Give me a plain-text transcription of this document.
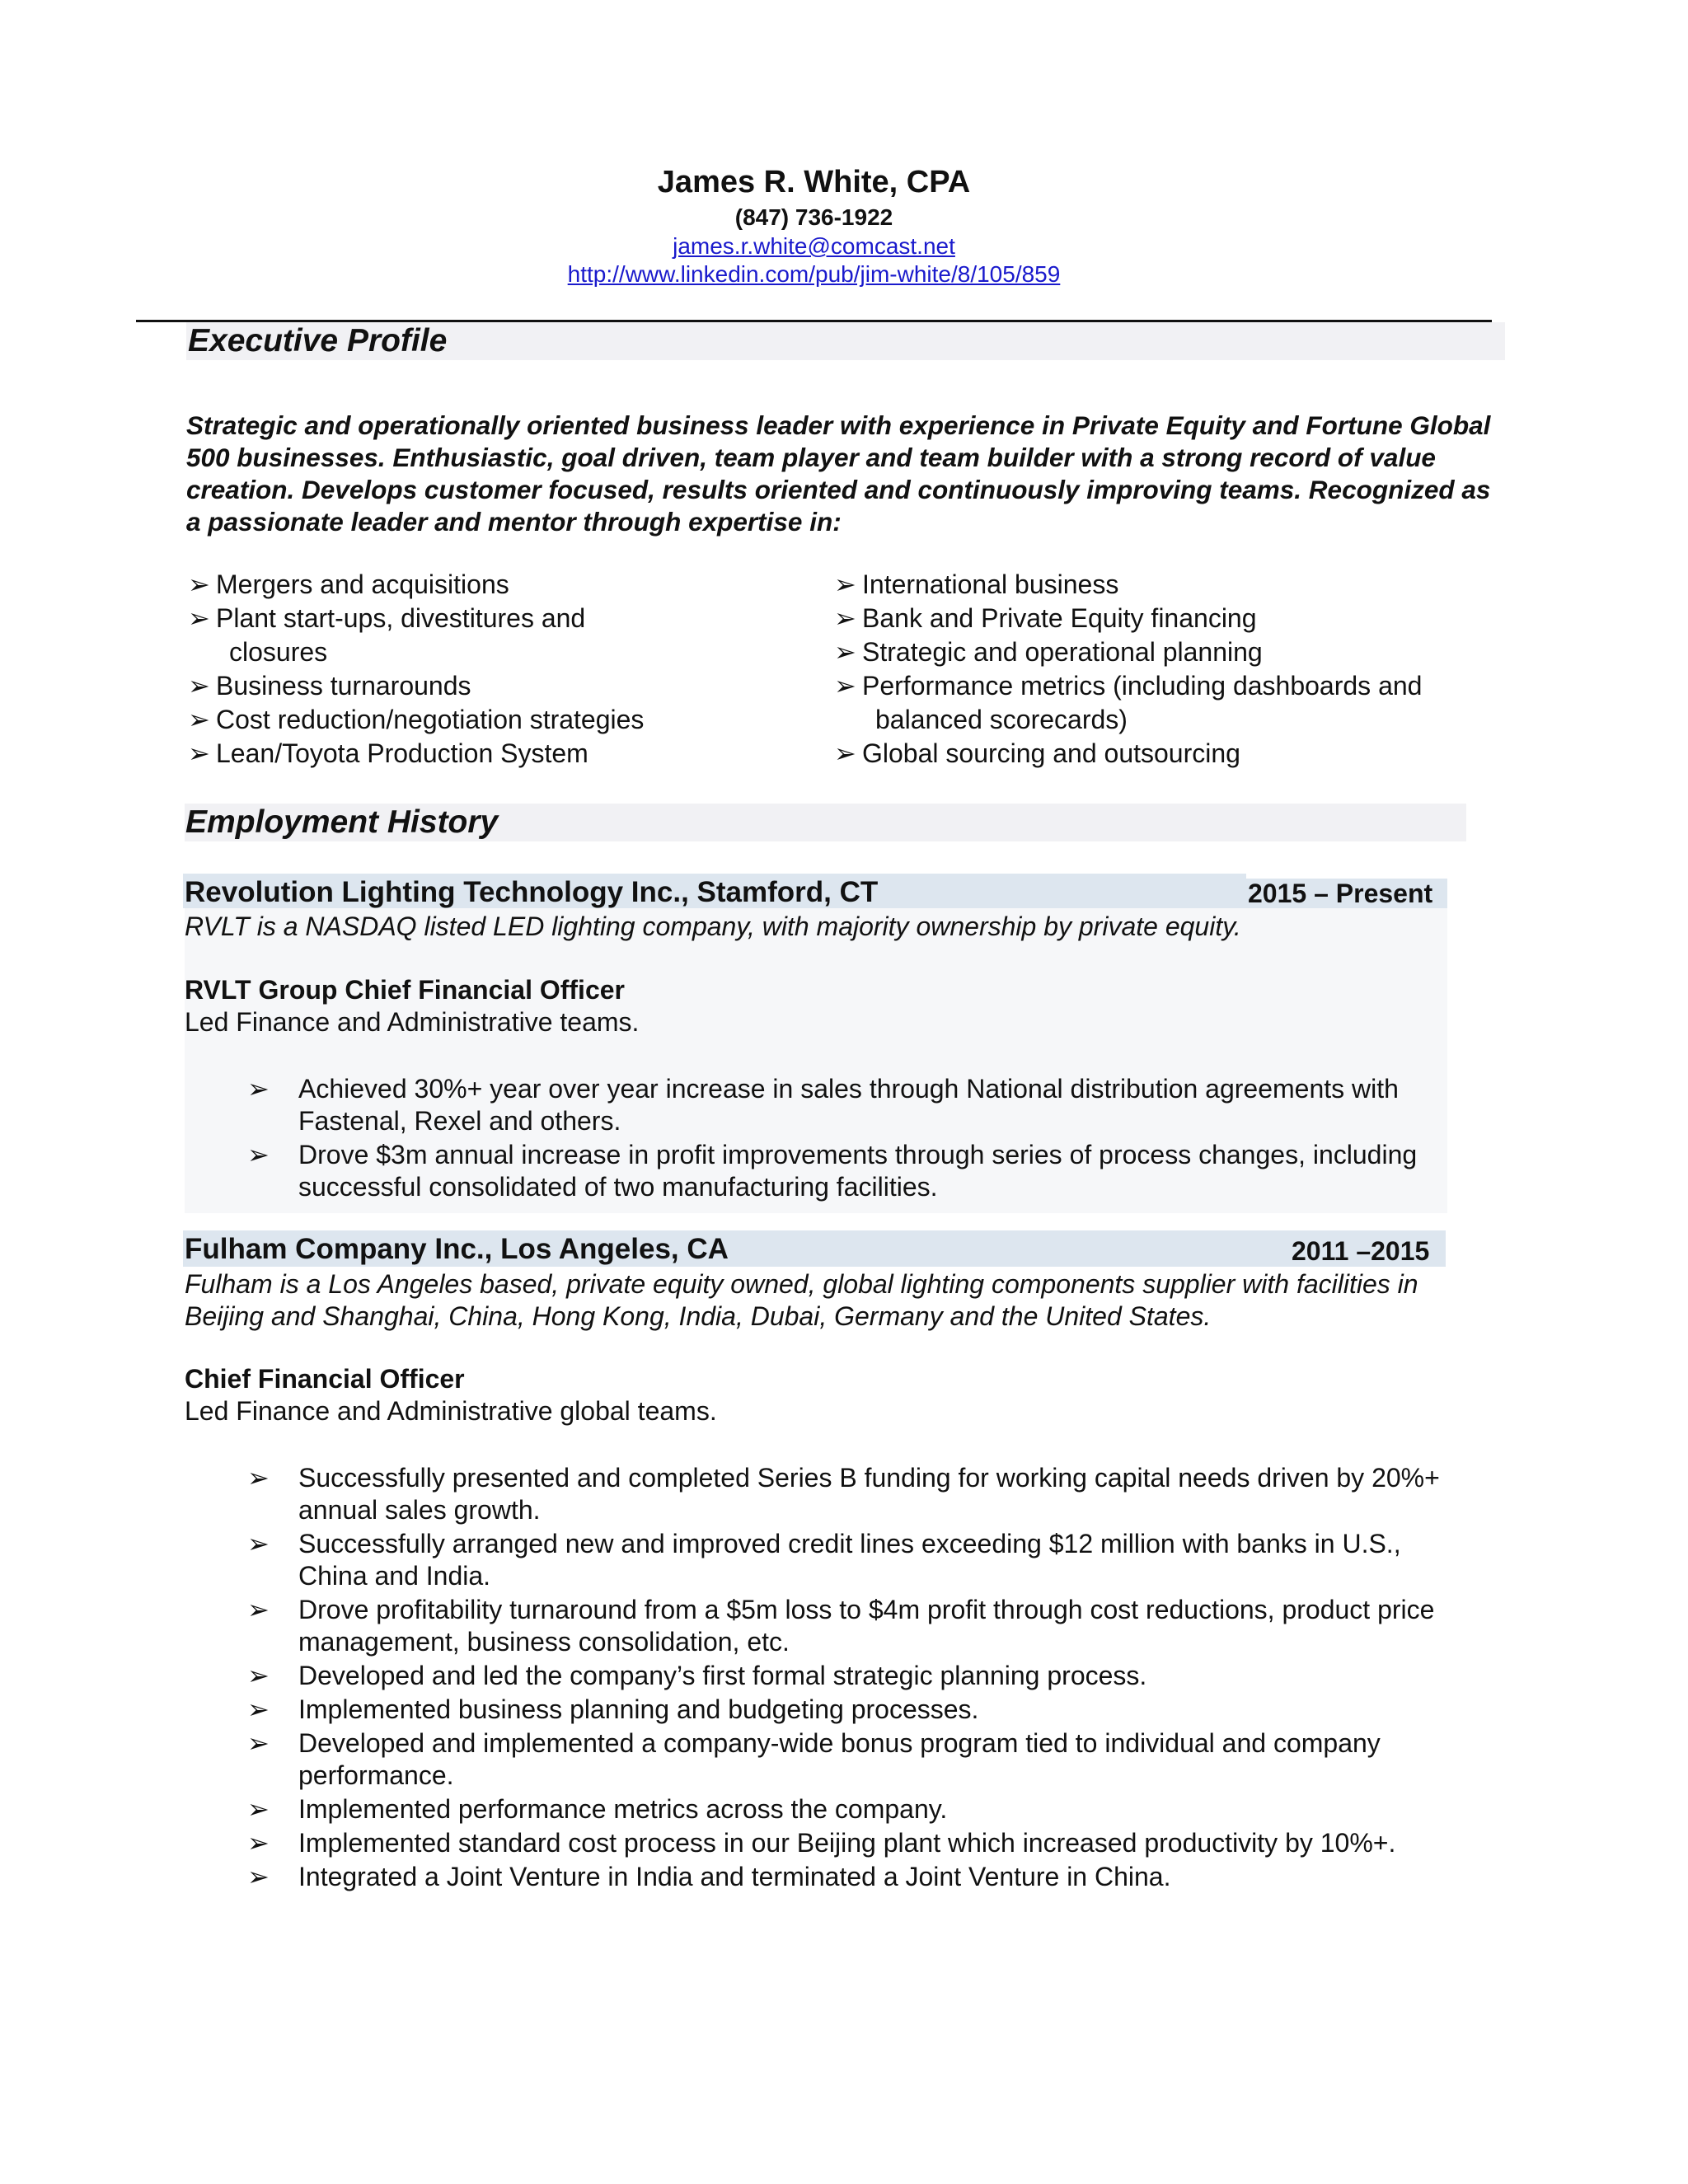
James R. White, CPA
(847) 736-1922
james.r.white@comcast.net
http://www.linkedin.com/pub/jim-white/8/105/859
Executive Profile
Strategic and operationally oriented business leader with experience in Private Equity and Fortune Global 500 businesses. Enthusiastic, goal driven, team player and team builder with a strong record of value creation. Develops customer focused, results oriented and continuously improving teams. Recognized as a passionate leader and mentor through expertise in:
➢ Mergers and acquisitions
➢ Plant start-ups, divestitures and
closures
➢ Business turnarounds
➢ Cost reduction/negotiation strategies
➢ Lean/Toyota Production System
➢ International business
➢ Bank and Private Equity financing
➢ Strategic and operational planning
➢ Performance metrics (including dashboards and
balanced scorecards)
➢ Global sourcing and outsourcing
Employment History
Revolution Lighting Technology Inc., Stamford, CT	2015 – Present
RVLT is a NASDAQ listed LED lighting company, with majority ownership by private equity.
RVLT Group Chief Financial Officer
Led Finance and Administrative teams.
➢ Achieved 30%+ year over year increase in sales through National distribution agreements with Fastenal, Rexel and others.
➢ Drove $3m annual increase in profit improvements through series of process changes, including successful consolidated of two manufacturing facilities.
Fulham Company Inc., Los Angeles, CA	2011 –2015
Fulham is a Los Angeles based, private equity owned, global lighting components supplier with facilities in Beijing and Shanghai, China, Hong Kong, India, Dubai, Germany and the United States.
Chief Financial Officer
Led Finance and Administrative global teams.
➢ Successfully presented and completed Series B funding for working capital needs driven by 20%+ annual sales growth.
➢ Successfully arranged new and improved credit lines exceeding $12 million with banks in U.S., China and India.
➢ Drove profitability turnaround from a $5m loss to $4m profit through cost reductions, product price management, business consolidation, etc.
➢ Developed and led the company’s first formal strategic planning process.
➢ Implemented business planning and budgeting processes.
➢ Developed and implemented a company-wide bonus program tied to individual and company performance.
➢ Implemented performance metrics across the company.
➢ Implemented standard cost process in our Beijing plant which increased productivity by 10%+.
➢ Integrated a Joint Venture in India and terminated a Joint Venture in China.
